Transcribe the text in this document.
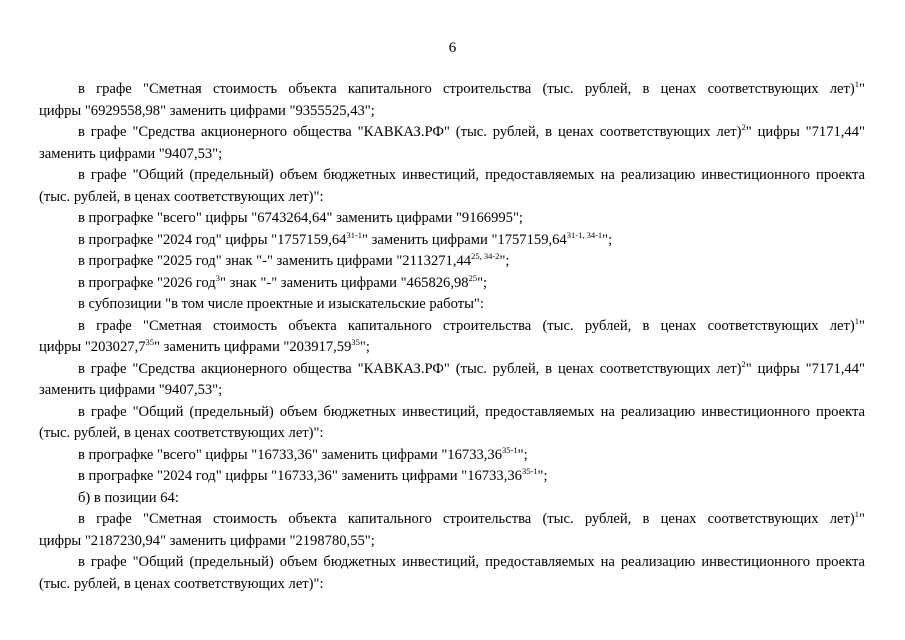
6

в графе "Сметная стоимость объекта капитального строительства (тыс. рублей, в ценах соответствующих лет)$^1$"

цифры "6929558,98" заменить цифрами "9355525,43";

в графе "Средства акционерного общества "КАВКАЗ.РФ" (тыс. рублей, в ценах соответствующих лет)$^2$" цифры "7171,44"

заменить цифрами "9407,53";

в графе "Общий (предельный) объем бюджетных инвестиций, предоставляемых на реализацию инвестиционного проекта

(тыс. рублей, в ценах соответствующих лет)":

в прографке "всего" цифры "6743264,64" заменить цифрами "9166995";

в прографке "2024 год" цифры "1757159,64$^{31-1}$" заменить цифрами "1757159,64$^{31-1, 34-1}$";

в прографке "2025 год" знак "-" заменить цифрами "2113271,44$^{25, 34-2}$";

в прографке "2026 год$^3$" знак "-" заменить цифрами "465826,98$^{25}$";

в субпозиции "в том числе проектные и изыскательские работы":

в графе "Сметная стоимость объекта капитального строительства (тыс. рублей, в ценах соответствующих лет)$^1$"

цифры "203027,7$^{35}$" заменить цифрами "203917,59$^{35}$";

в графе "Средства акционерного общества "КАВКАЗ.РФ" (тыс. рублей, в ценах соответствующих лет)$^2$" цифры "7171,44"

заменить цифрами "9407,53";

в графе "Общий (предельный) объем бюджетных инвестиций, предоставляемых на реализацию инвестиционного проекта

(тыс. рублей, в ценах соответствующих лет)":

в прографке "всего" цифры "16733,36" заменить цифрами "16733,36$^{35-1}$";

в прографке "2024 год" цифры "16733,36" заменить цифрами "16733,36$^{35-1}$";

б) в позиции 64:

в графе "Сметная стоимость объекта капитального строительства (тыс. рублей, в ценах соответствующих лет)$^1$"

цифры "2187230,94" заменить цифрами "2198780,55";

в графе "Общий (предельный) объем бюджетных инвестиций, предоставляемых на реализацию инвестиционного проекта

(тыс. рублей, в ценах соответствующих лет)":
